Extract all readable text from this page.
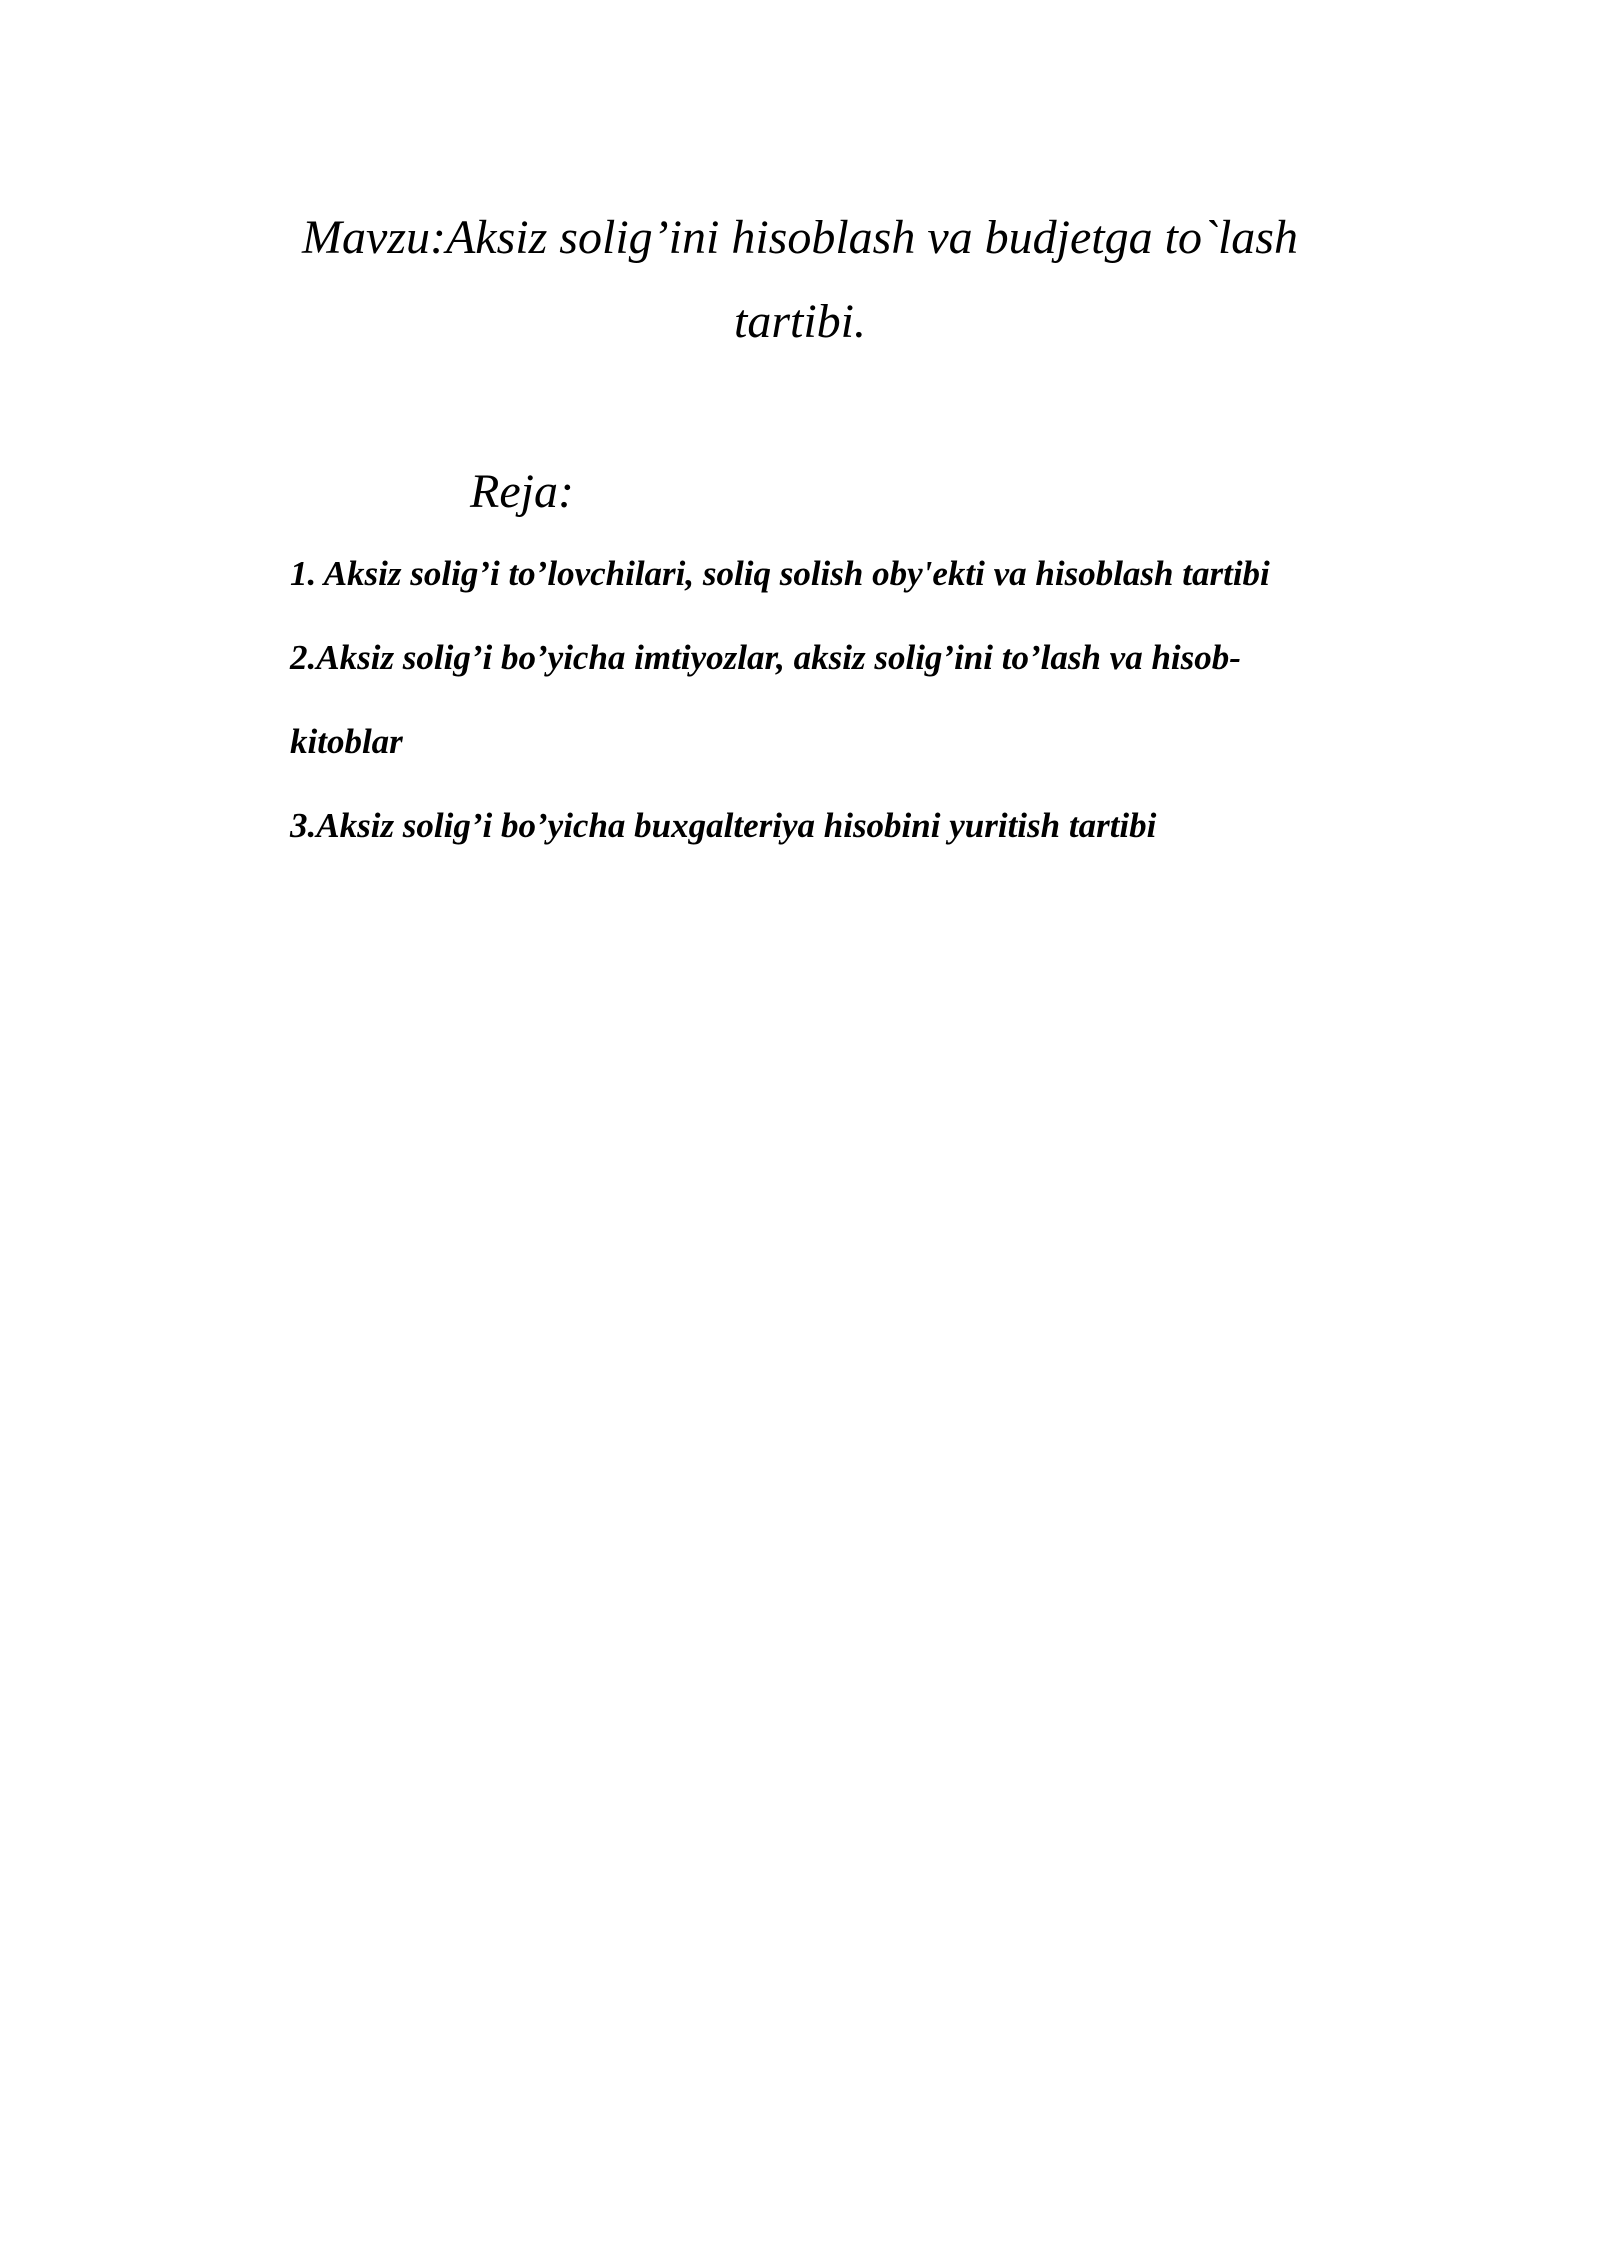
Mavzu:Aksiz solig’ini hisoblash va budjetga to`lash
tartibi.
Reja:
1. Aksiz solig’i to’lovchilari, soliq solish oby'ekti va hisoblash tartibi
2.Aksiz solig’i bo’yicha imtiyozlar, aksiz solig’ini to’lash va hisob-
kitoblar
3.Aksiz solig’i bo’yicha buxgalteriya hisobini yuritish tartibi
